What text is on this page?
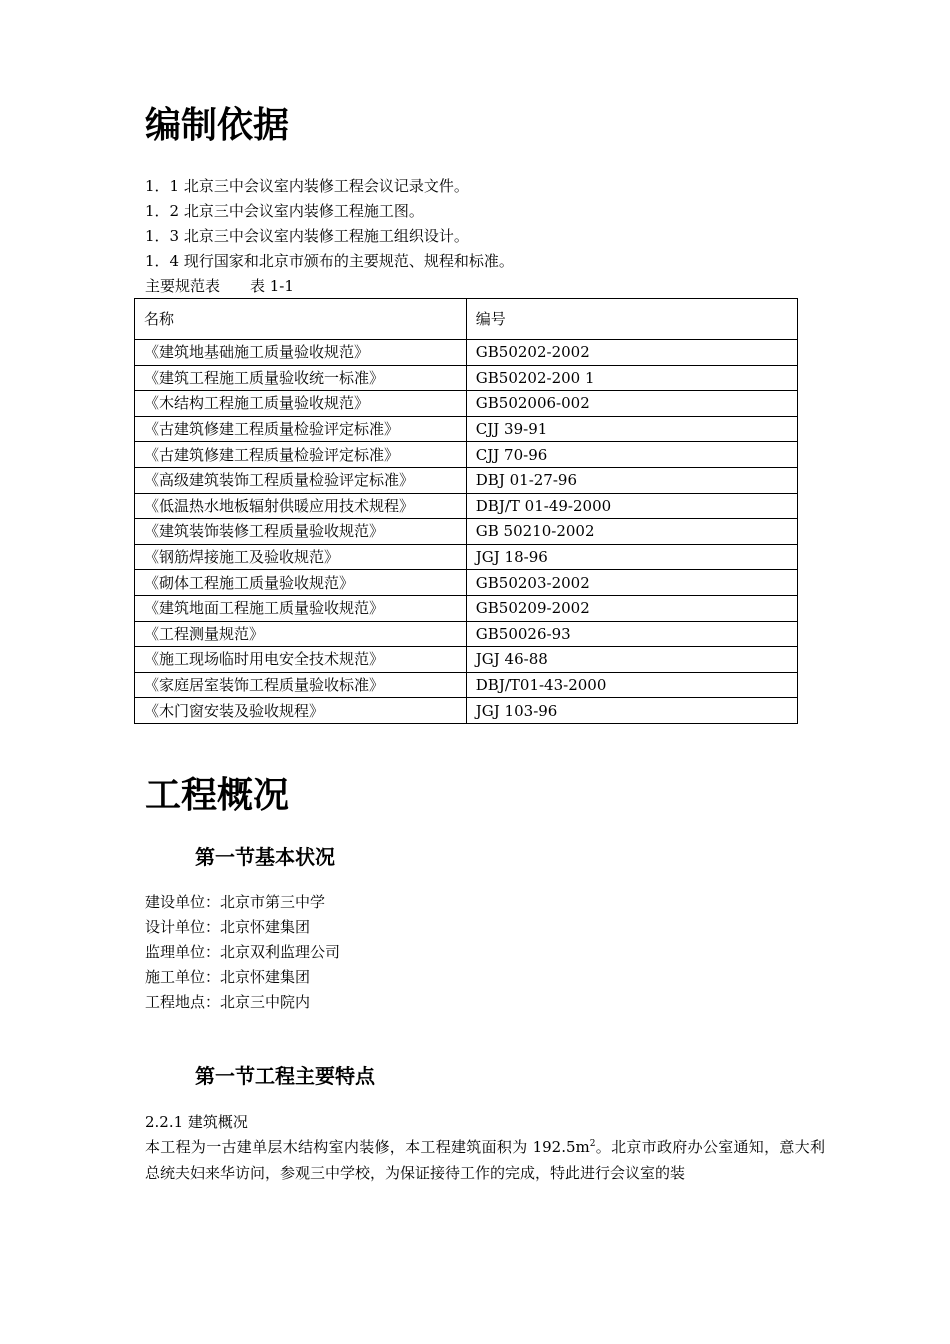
编制依据
1．1 北京三中会议室内装修工程会议记录文件。
1．2 北京三中会议室内装修工程施工图。
1．3 北京三中会议室内装修工程施工组织设计。
1．4 现行国家和北京市颁布的主要规范、规程和标准。
主要规范表　　表 1-1
名称	编号
《建筑地基础施工质量验收规范》	GB50202-2002
《建筑工程施工质量验收统一标准》	GB50202-200 1
《木结构工程施工质量验收规范》	GB502006-002
《古建筑修建工程质量检验评定标准》	CJJ 39-91
《古建筑修建工程质量检验评定标准》	CJJ 70-96
《高级建筑装饰工程质量检验评定标准》	DBJ 01-27-96
《低温热水地板辐射供暖应用技术规程》	DBJ/T 01-49-2000
《建筑装饰装修工程质量验收规范》	GB 50210-2002
《钢筋焊接施工及验收规范》	JGJ 18-96
《砌体工程施工质量验收规范》	GB50203-2002
《建筑地面工程施工质量验收规范》	GB50209-2002
《工程测量规范》	GB50026-93
《施工现场临时用电安全技术规范》	JGJ 46-88
《家庭居室装饰工程质量验收标准》	DBJ/T01-43-2000
《木门窗安装及验收规程》	JGJ 103-96
工程概况
第一节基本状况
建设单位：北京市第三中学
设计单位：北京怀建集团
监理单位：北京双利监理公司
施工单位：北京怀建集团
工程地点：北京三中院内
第一节工程主要特点
2.2.1 建筑概况
本工程为一古建单层木结构室内装修，本工程建筑面积为 $192.5m^2$。北京市政府办公室通知，意大利总统夫妇来华访问，参观三中学校，为保证接待工作的完成，特此进行会议室的装
